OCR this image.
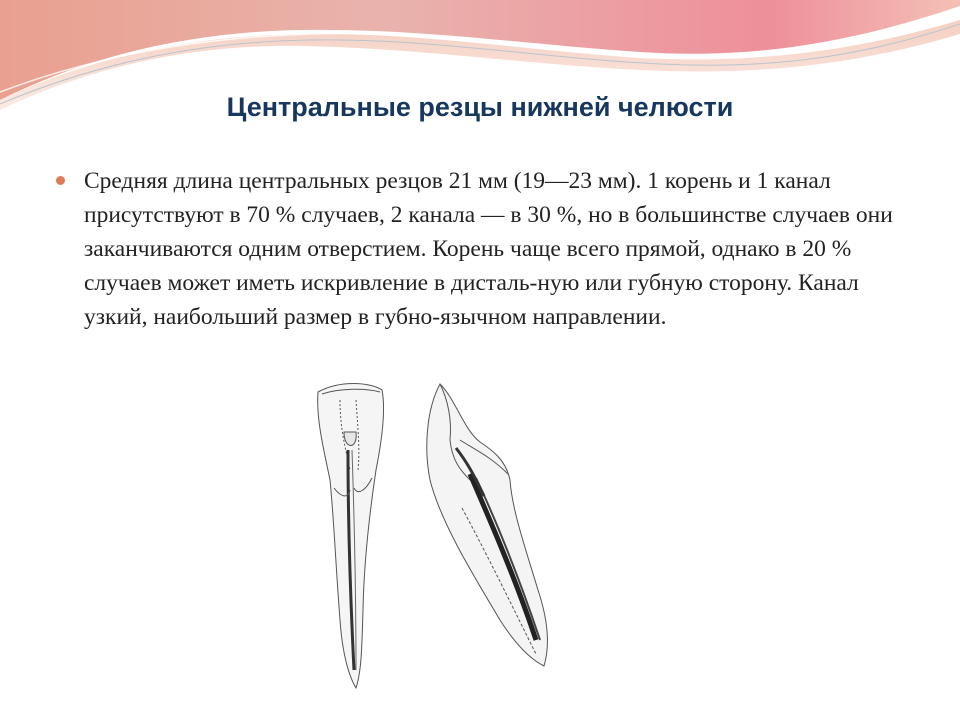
Центральные резцы нижней челюсти

Средняя длина центральных резцов 21 мм (19—23 мм). 1 корень и 1 канал присутствуют в 70 % случаев, 2 канала — в 30 %, но в большинстве случаев они заканчиваются одним отверстием. Корень чаще всего прямой, однако в 20 % случаев может иметь искривление в дисталь-ную или губную сторону. Канал узкий, наибольший размер в губно-язычном направлении.
